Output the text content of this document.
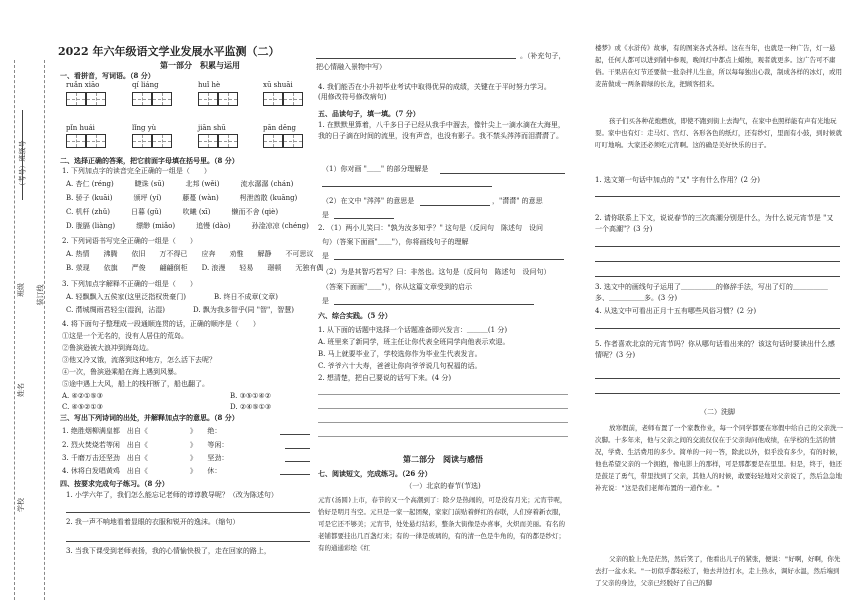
（考号）班级号
班级 装订线
姓名
学校
2022 年六年级语文学业发展水平监测（二）
第一部分　积累与运用
一、看拼音，写词语。（8 分）
ruǎn xiāo	qí liáng	huǐ hè	xū shuāi
pǐn huái	lǐng yù	jiān shū	pān dēng
二、选择正确的答案，把它前面字母填在括号里。（8 分）
1. 下列加点字的读音完全正确的一组是（　　）
A. 杏仁 (réng)　　　睫诛 (sū)　　　北邦 (wěi)　　　流水潺潺 (chán)
B. 骄子 (kuāi)　　　颁坪 (yí)　　　藤蔓 (wàn)　　　枵泄酋散 (kuāng)
C. 机杆 (zhǔ)　　　日暮 (gǔ)　　　吹曦 (xī)　　　懒而不舍 (qiè)
D. 胧膈 (liàng)　　　缥缈 (miǎo)　　　追慢 (dào)　　　孙淦凉凉 (chéng)
2. 下列词语书写完全正确的一组是（　　）
A. 热情　　沸腾　　依旧　　万不得已　　应奔　　劝惟　　解静　　不可思议
B. 荥现　　依旗　　严俊　　翩翩倒柜　　D. 浪漫　　轻易　　璟顿　　无独有偶
3. 下列加点字解释不正确的一组是（　　）
A. 轻飘飘入五侯家(这里泛指权贵豪门)　　　　B. 终日不成章(文章)
C. 潸城绸雨君轻尘(湿润，沾湿)　　　　D. 飘为我多智乎(同 "智"，智慧)
4. 将下面句子整理成一段通顺连贯的话，正确的顺序是（　　）
①这是一个无名的，没有人居住的荒岛。
②鲁滨逊被大浪冲到海岛边。
③他又冷又饿，流落到这种地方，怎么活下去呢？
④一次，鲁滨逊乘船在海上遇到风暴。
⑤途中遇上大风，船上的栈杆断了，船也翻了。
A. ④②①⑤③	B. ③⑤①④②
C. ④⑤②①③	D. ②④⑤①③
三、写出下列诗词的出处，并解释加点字的意思。（8 分）
1. 绝胜烟柳满皇都　出自《　　　　　　》　　绝：
2. 烈火焚烧若等闲　出自《　　　　　　》　　等闲：
3. 千磨万击还坚劲　出自《　　　　　　》　　坚劲：
4. 休将白发唱黄鸡　出自《　　　　　　》　　休：
四、按要求完成句子练习。（8 分）
1. 小学六年了，我们怎么能忘记老师的谆谆教导呢？（改为陈述句）
2. 我一声不响地看着显眼的衣服和锐开的逸沫。（缩句）
3. 当我下课受到老师表扬，我的心情愉快极了，走在回家的路上，
。（补充句子，
把心情融入景物中写）
4. 我们能否在小升初毕业考试中取得优异的成绩，关键在于平时努力学习。
(用修改符号修改病句)
五、品读句子，填一填。（7 分）
1. 在默默里算着，八千多日子已经从我手中溜去，像针尖上一滴水滴在大海里，我的日子滴在时间的流里，没有声音，也没有影子。我不禁头涔涔而泪潸潸了。
（1）你对画 "＿＿" 的部分理解是
（2）在文中 "涔涔" 的意思是	，"潸潸" 的意思
是
2. （1）两小儿笑曰："孰为汝多知乎？" 这句是（反问句　陈述句　设问
句）（答案下面画"＿＿"），你将画线句子的理解
是
（2）为是其智巧若写？曰：非然也。这句是（反问句　陈述句　设问句）
（答案下面画"＿＿"），你从这篇文章受到的启示
是
六、综合实践。（5 分）
1. 从下面的话题中选择一个话题准备即兴发言：＿＿＿(1 分)
A. 班里来了新同学，班主任让你代表全班同学向他表示欢迎。
B. 马上就要毕业了，学校选你作为毕业生代表发言。
C. 爷爷六十大寿，爸爸让你向爷爷说几句祝福的话。
2. 想清楚，把自己要说的话写下来。(4 分)
第二部分　阅读与感悟
七、阅读短文，完成练习。（26 分）
（一）北京的春节(节选)
元宵(汤圆)上市，春节的又一个高潮到了：除夕是热闹的，可是没有月光；元宵节呢，恰好是明月当空。元旦是一家一起团聚，家家门前贴着鲜红的春联，人们穿着新衣服，可是它还不够美；元宵节，处处悬灯结彩，整条大街像是办喜事，火炽而美丽。有名的老铺都要挂出几百盏灯来；有的一律是玻璃的，有的清一色是牛角的，有的都是纱灯；有的通通彩绘《红
楼梦》或《水浒传》故事，有的图案各式各样。这在当年，也就是一种广告，灯一悬起，任何人都可以进到铺中参观，晚间灯中都点上蜡烛，观者就更多。这广告可不庸俗。干果店在灯节还要做一批杂拌儿生意，所以每每独出心裁，制成各样的冰灯，或用麦苗做成一两条碧绿的长龙，把顾客招来。
孩子们买各种花炮燃放，即使不跑到街上去淘气，在家中也照样能有声有光地玩耍。家中也有灯：走马灯、宫灯、各形各色的纸灯，还有纱灯，里面有小鼓，到时候就叮叮地响。大家还必须吃元宵啊。这的确是美好快乐的日子。
1. 选文第一句话中加点的 "又" 字有什么作用？(2 分)
2. 请你联系上下文，说说春节的三次高潮分别是什么，为什么说元宵节是 "又一个高潮"？(3 分)
3. 选文中的画线句子运用了＿＿＿＿＿的修辞手法，写出了灯的＿＿＿＿＿多、＿＿＿＿＿多。(3 分)
4. 从选文中可看出正月十五有哪些风俗习惯？(2 分)
5. 作者喜欢北京的元宵节吗？你从哪句话看出来的？该这句话时要读出什么感情呢？(3 分)
（二）洗脚
放寒假前，老师布置了一个家教作业，每一个同学都要在寒假中给自己的父亲洗一次脚。十多年来，他与父亲之间的交流仅仅在于父亲询问他成绩，在学校的生活的情况，学费、生活费用的多少。简单的一问一答，除此以外，似乎没有多少，有的时候，他也希望父亲的一个拥抱，像电影上的那样，可是那都要是在里里。但是，终于，他还是鼓足了勇气，带里找到了父亲，其他人的时候，敢要轻轻地对父亲说了，然后急急地补充说："这是我们老师布置的一道作业。"
父亲的脸上先是茫然，然后笑了，他看出儿子的紧张，便说："好啊，好啊，你先去打一盆水来。"一切似乎都轻松了，他去井边打水，走上热水，调好水温，然后端到了父亲的身边，父亲已经脱好了自己的脚
